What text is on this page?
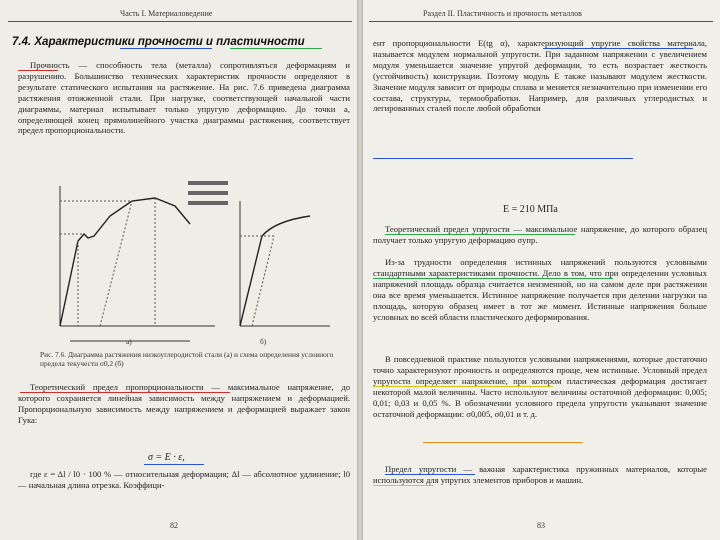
Часть I. Материаловедение
7.4. Характеристики прочности и пластичности

Прочность — способность тела (металла) сопротивляться деформациям и разрушению. Большинство технических характеристик прочности определяют в результате статического испытания на растяжение. На рис. 7.6 приведена диаграмма растяжения отожженной стали. При нагрузке, соответствующей начальной части диаграммы, материал испытывает только упругую деформацию. До точки а, определяющей конец прямолинейного участка диаграммы растяжения, соответствует предел пропорциональности.

а)	б)
Рис. 7.6. Диаграмма растяжения низкоуглеродистой стали (а) и схема определения условного предела текучести σ0,2 (б)

Теоретический предел пропорциональности — максимальное напряжение, до которого сохраняется линейная зависимость между напряжением и деформацией. Пропорциональную зависимость между напряжением и деформацией выражает закон Гука:

σ = E · ε,

где ε = Δl / l0 · 100 % — относительная деформация; Δl — абсолютное удлинение; l0 — начальная длина отрезка. Коэффици-

82
Раздел II. Пластичность и прочность металлов

ент пропорциональности E(tg α), характеризующий упругие свойства материала, называется модулем нормальной упругости. При заданном напряжении с увеличением модуля уменьшается значение упругой деформации, то есть возрастает жесткость (устойчивость) конструкции. Поэтому модуль E также называют модулем жесткости. Значение модуля зависит от природы сплава и меняется незначительно при изменении его состава, структуры, термообработки. Например, для различных углеродистых и легированных сталей после любой обработки

E = 210 МПа

Теоретический предел упругости — максимальное напряжение, до которого образец получает только упругую деформацию σупр.

Из-за трудности определения истинных напряжений пользуются условными стандартными характеристиками прочности. Дело в том, что при определении условных напряжений площадь образца считается неизменной, но на самом деле при растяжении она все время уменьшается. Истинное напряжение получается при делении нагрузки на площадь, которую образец имеет в тот же момент. Истинные напряжения больше условных во всей области пластического деформирования.

В повседневной практике пользуются условными напряжениями, которые достаточно точно характеризуют прочность и определяются проще, чем истинные. Условный предел упругости определяет напряжение, при котором пластическая деформация достигает некоторой малой величины. Часто используют величины остаточной деформации: 0,005; 0,01; 0,03 и 0,05 %. В обозначении условного предела упругости указывают значение остаточной деформации: σ0,005, σ0,01 и т. д.

Предел упругости — важная характеристика пружинных материалов, которые используются для упругих элементов приборов и машин.

83
